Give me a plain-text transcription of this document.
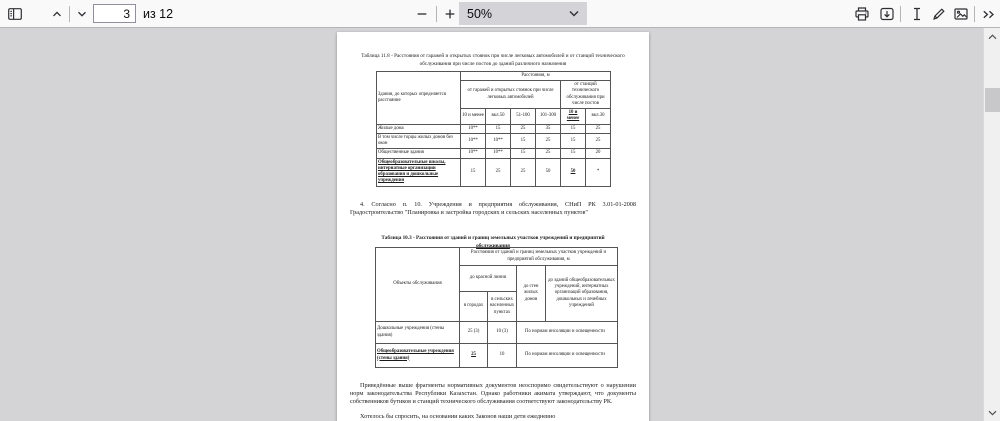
3
из 12	50%
Таблица 11.8 - Расстояния от гаражей и открытых стоянок при числе легковых автомобилей и от станций технического обслуживания при числе постов до зданий различного назначения
Здания, до которых определяется расстояние	Расстояния, м					
	от гаражей и открытых стоянок при числе легковых автомобилей				от станций технического обслуживания при числе постов	
	10 и менее	вкл.50	51-100	101-300	10 и менее	вкл.30
Жилые дома	10**	15	25	35	15	25
В том числе торцы жилых домов без окон	10**	10**	15	25	15	25
Общественные здания	10**	10**	15	25	15	20
Общеобразовательные школы, интернатные организации образования и дошкольные учреждения	15	25	25	50	50	*
4. Согласно п. 10. Учреждения и предприятия обслуживания, СНиП РК 3.01-01-2008 Градостроительство "Планировка и застройка городских и сельских населенных пунктов"
Таблица 10.3 - Расстояния от зданий и границ земельных участков учреждений и предприятий
обслуживания
Объекты обслуживания	Расстояния от зданий и границ земельных участков учреждений и предприятий обслуживания, м			
	до красной линии		до стен жилых домов	до зданий общеобразовательных учреждений, интернатных организаций образования, дошкольных и лечебных учреждений
	в городах	в сельских населенных пунктах		
Дошкольные учреждения (стены здания)	25 (3)	10 (3)	По нормам инсоляции и освещенности	
Общеобразовательные учреждения (стены здания)	25	10	По нормам инсоляции и освещенности	
Приведённые выше фрагменты нормативных документов неоспоримо свидетельствуют о нарушении норм законодательства Республики Казахстан. Однако работники акимата утверждают, что документы собственников бутиков и станций технического обслуживания соответствуют законодательству РК.
Хотелось бы спросить, на основании каких Законов наши дети ежедневно
